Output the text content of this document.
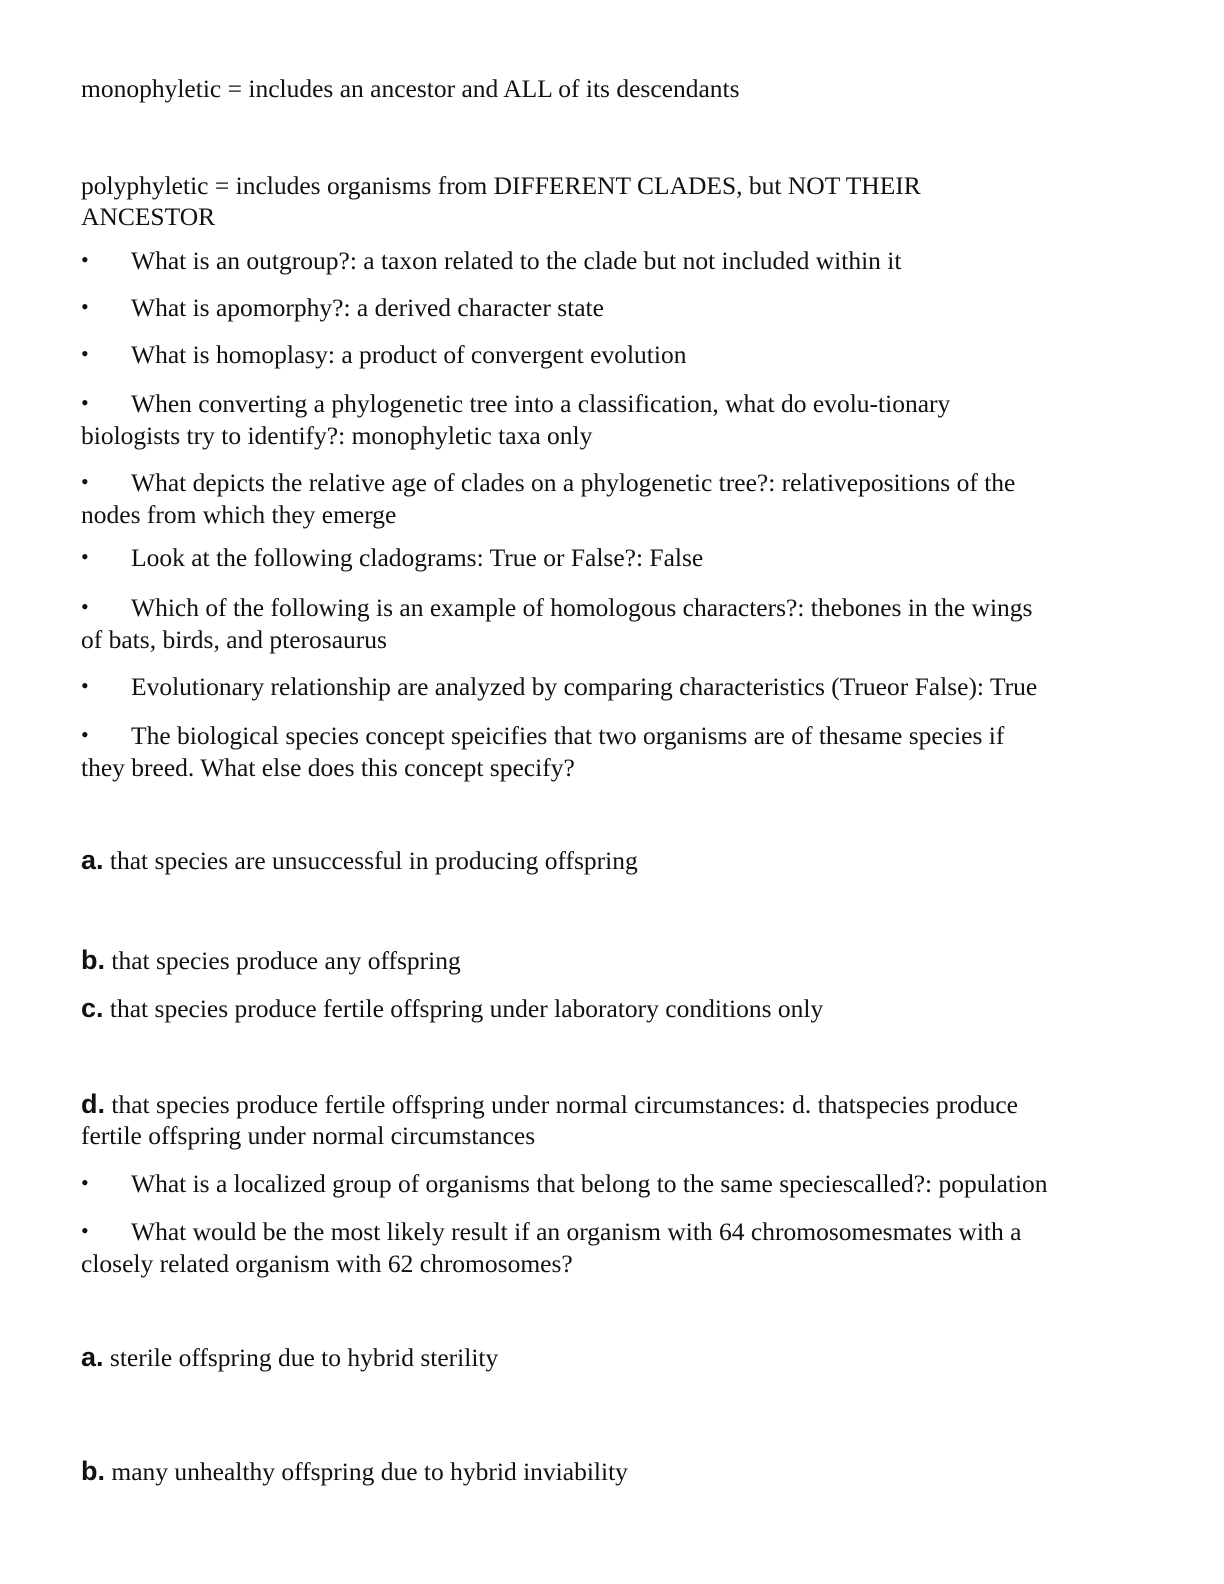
monophyletic = includes an ancestor and ALL of its descendants
polyphyletic = includes organisms from DIFFERENT CLADES, but NOT THEIR
ANCESTOR
• What is an outgroup?: a taxon related to the clade but not included within it
• What is apomorphy?: a derived character state
• What is homoplasy: a product of convergent evolution
• When converting a phylogenetic tree into a classification, what do evolu-tionary
biologists try to identify?: monophyletic taxa only
• What depicts the relative age of clades on a phylogenetic tree?: relativepositions of the
nodes from which they emerge
• Look at the following cladograms: True or False?: False
• Which of the following is an example of homologous characters?: thebones in the wings
of bats, birds, and pterosaurus
• Evolutionary relationship are analyzed by comparing characteristics (Trueor False): True
• The biological species concept speicifies that two organisms are of thesame species if
they breed. What else does this concept specify?
a. that species are unsuccessful in producing offspring
b. that species produce any offspring
c. that species produce fertile offspring under laboratory conditions only
d. that species produce fertile offspring under normal circumstances: d. thatspecies produce
fertile offspring under normal circumstances
• What is a localized group of organisms that belong to the same speciescalled?: population
• What would be the most likely result if an organism with 64 chromosomesmates with a
closely related organism with 62 chromosomes?
a. sterile offspring due to hybrid sterility
b. many unhealthy offspring due to hybrid inviability
